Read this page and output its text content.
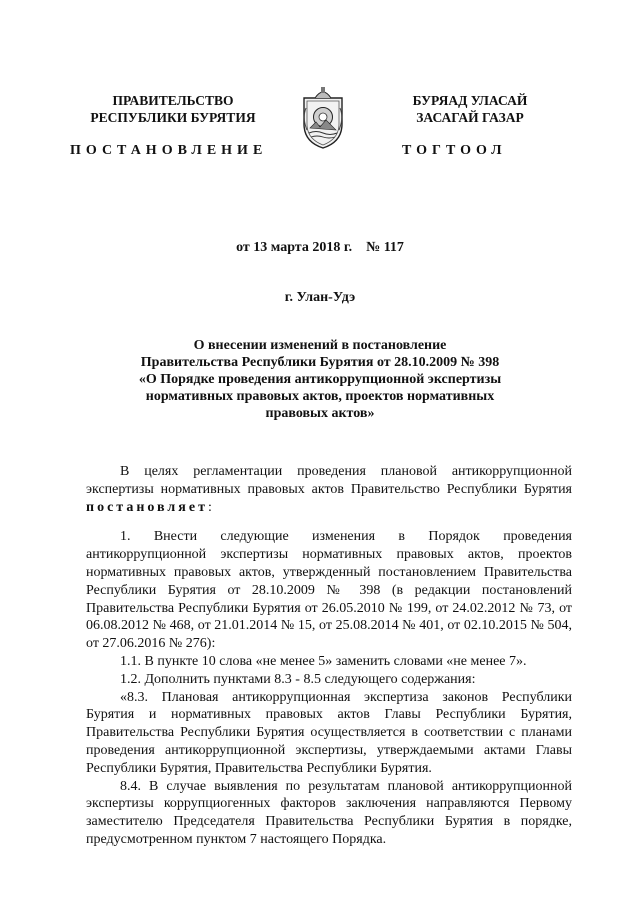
ПРАВИТЕЛЬСТВО
РЕСПУБЛИКИ БУРЯТИЯ
БУРЯАД УЛАСАЙ
ЗАСАГАЙ ГАЗАР
ПОСТАНОВЛЕНИЕ	ТОГТООЛ
от 13 марта 2018 г.    № 117
г. Улан-Удэ
О внесении изменений в постановление
Правительства Республики Бурятия от 28.10.2009 № 398
«О Порядке проведения антикоррупционной экспертизы
нормативных правовых актов, проектов нормативных
правовых актов»

В целях регламентации проведения плановой антикоррупционной экспертизы нормативных правовых актов Правительство Республики Бурятия постановляет:

1. Внести следующие изменения в Порядок проведения антикоррупционной экспертизы нормативных правовых актов, проектов нормативных правовых актов, утвержденный постановлением Правительства Республики Бурятия от 28.10.2009 № 398 (в редакции постановлений Правительства Республики Бурятия от 26.05.2010 № 199, от 24.02.2012 № 73, от 06.08.2012 № 468, от 21.01.2014 № 15, от 25.08.2014 № 401, от 02.10.2015 № 504, от 27.06.2016 № 276):

1.1. В пункте 10 слова «не менее 5» заменить словами «не менее 7».

1.2. Дополнить пунктами 8.3 - 8.5 следующего содержания:

«8.3. Плановая антикоррупционная экспертиза законов Республики Бурятия и нормативных правовых актов Главы Республики Бурятия, Правительства Республики Бурятия осуществляется в соответствии с планами проведения антикоррупционной экспертизы, утверждаемыми актами Главы Республики Бурятия, Правительства Республики Бурятия.

8.4. В случае выявления по результатам плановой антикоррупционной экспертизы коррупциогенных факторов заключения направляются Первому заместителю Председателя Правительства Республики Бурятия в порядке, предусмотренном пунктом 7 настоящего Порядка.
